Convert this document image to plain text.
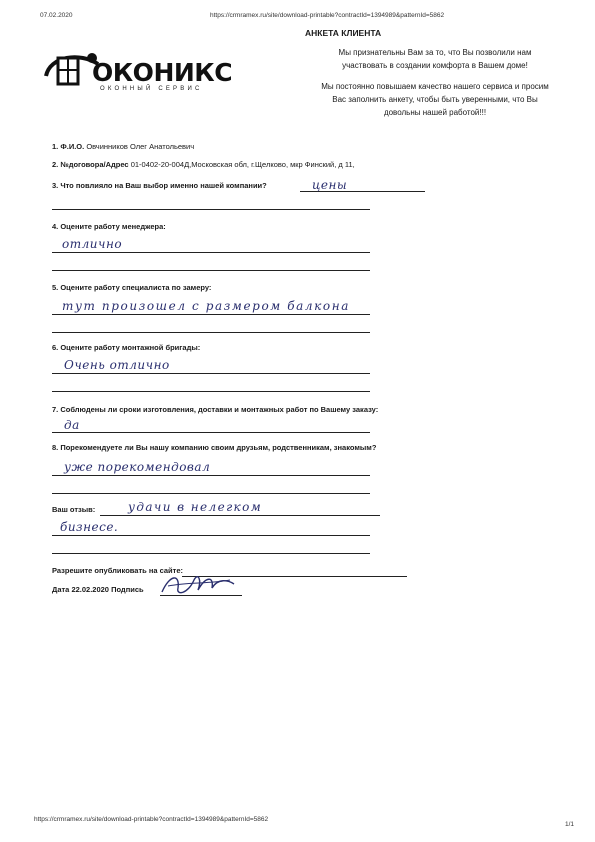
07.02.2020	https://crmramex.ru/site/download-printable?contractId=1394989&patternId=5862
АНКЕТА КЛИЕНТА
ОКОНИКС
ОКОННЫЙ СЕРВИС
Мы признательны Вам за то, что Вы позволили нам
участвовать в создании комфорта в Вашем доме!
Мы постоянно повышаем качество нашего сервиса и просим
Вас заполнить анкету, чтобы быть уверенными, что Вы
довольны нашей работой!!!
1. Ф.И.О. Овчинников Олег Анатольевич
2. №договора/Адрес 01-0402-20-004Д,Московская обл, г.Щелково, мкр Финский, д 11,
3. Что повлияло на Ваш выбор именно нашей компании?	цены
4. Оцените работу менеджера:
отлично
5. Оцените работу специалиста по замеру:
тут произошел с размером балкона
6. Оцените работу монтажной бригады:
Очень отлично
7. Соблюдены ли сроки изготовления, доставки и монтажных работ по Вашему заказу:
да
8. Порекомендуете ли Вы нашу компанию своим друзьям, родственникам, знакомым?
уже порекомендовал
Ваш отзыв:	удачи в нелегком
бизнесе.
Разрешите опубликовать на сайте:
Дата 22.02.2020 Подпись
https://crmramex.ru/site/download-printable?contractId=1394989&patternId=5862
1/1
